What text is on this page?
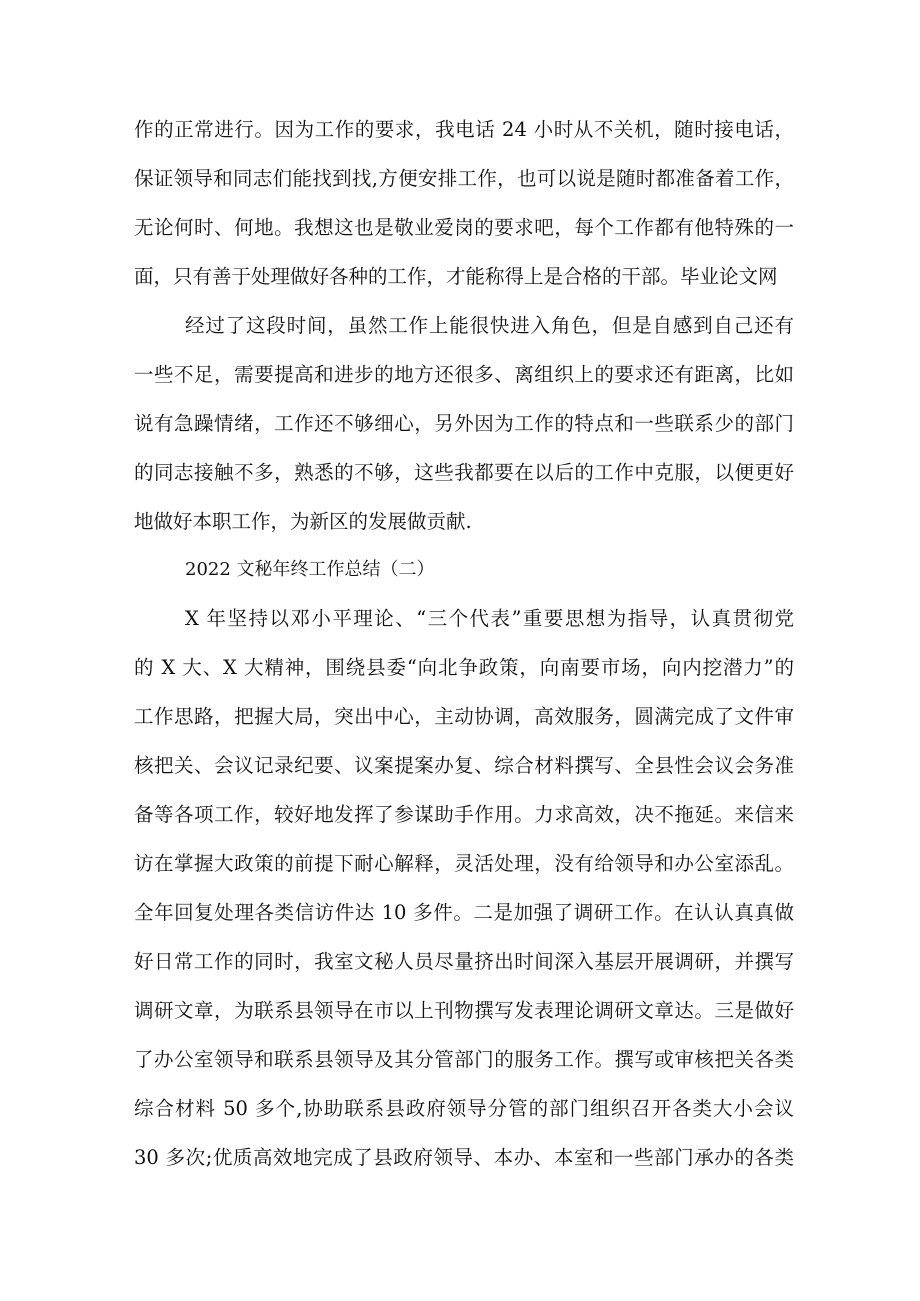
作的正常进行。因为工作的要求，我电话 24 小时从不关机，随时接电话，
保证领导和同志们能找到找,方便安排工作，也可以说是随时都准备着工作，
无论何时、何地。我想这也是敬业爱岗的要求吧，每个工作都有他特殊的一
面，只有善于处理做好各种的工作，才能称得上是合格的干部。毕业论文网
经过了这段时间，虽然工作上能很快进入角色，但是自感到自己还有
一些不足，需要提高和进步的地方还很多、离组织上的要求还有距离，比如
说有急躁情绪，工作还不够细心，另外因为工作的特点和一些联系少的部门
的同志接触不多，熟悉的不够，这些我都要在以后的工作中克服，以便更好
地做好本职工作，为新区的发展做贡献.
2022 文秘年终工作总结（二）
X 年坚持以邓小平理论、“三个代表”重要思想为指导，认真贯彻党
的 X 大、X 大精神，围绕县委“向北争政策，向南要市场，向内挖潜力”的
工作思路，把握大局，突出中心，主动协调，高效服务，圆满完成了文件审
核把关、会议记录纪要、议案提案办复、综合材料撰写、全县性会议会务准
备等各项工作，较好地发挥了参谋助手作用。力求高效，决不拖延。来信来
访在掌握大政策的前提下耐心解释，灵活处理，没有给领导和办公室添乱。
全年回复处理各类信访件达 10 多件。二是加强了调研工作。在认认真真做
好日常工作的同时，我室文秘人员尽量挤出时间深入基层开展调研，并撰写
调研文章，为联系县领导在市以上刊物撰写发表理论调研文章达。三是做好
了办公室领导和联系县领导及其分管部门的服务工作。撰写或审核把关各类
综合材料 50 多个,协助联系县政府领导分管的部门组织召开各类大小会议
30 多次;优质高效地完成了县政府领导、本办、本室和一些部门承办的各类
